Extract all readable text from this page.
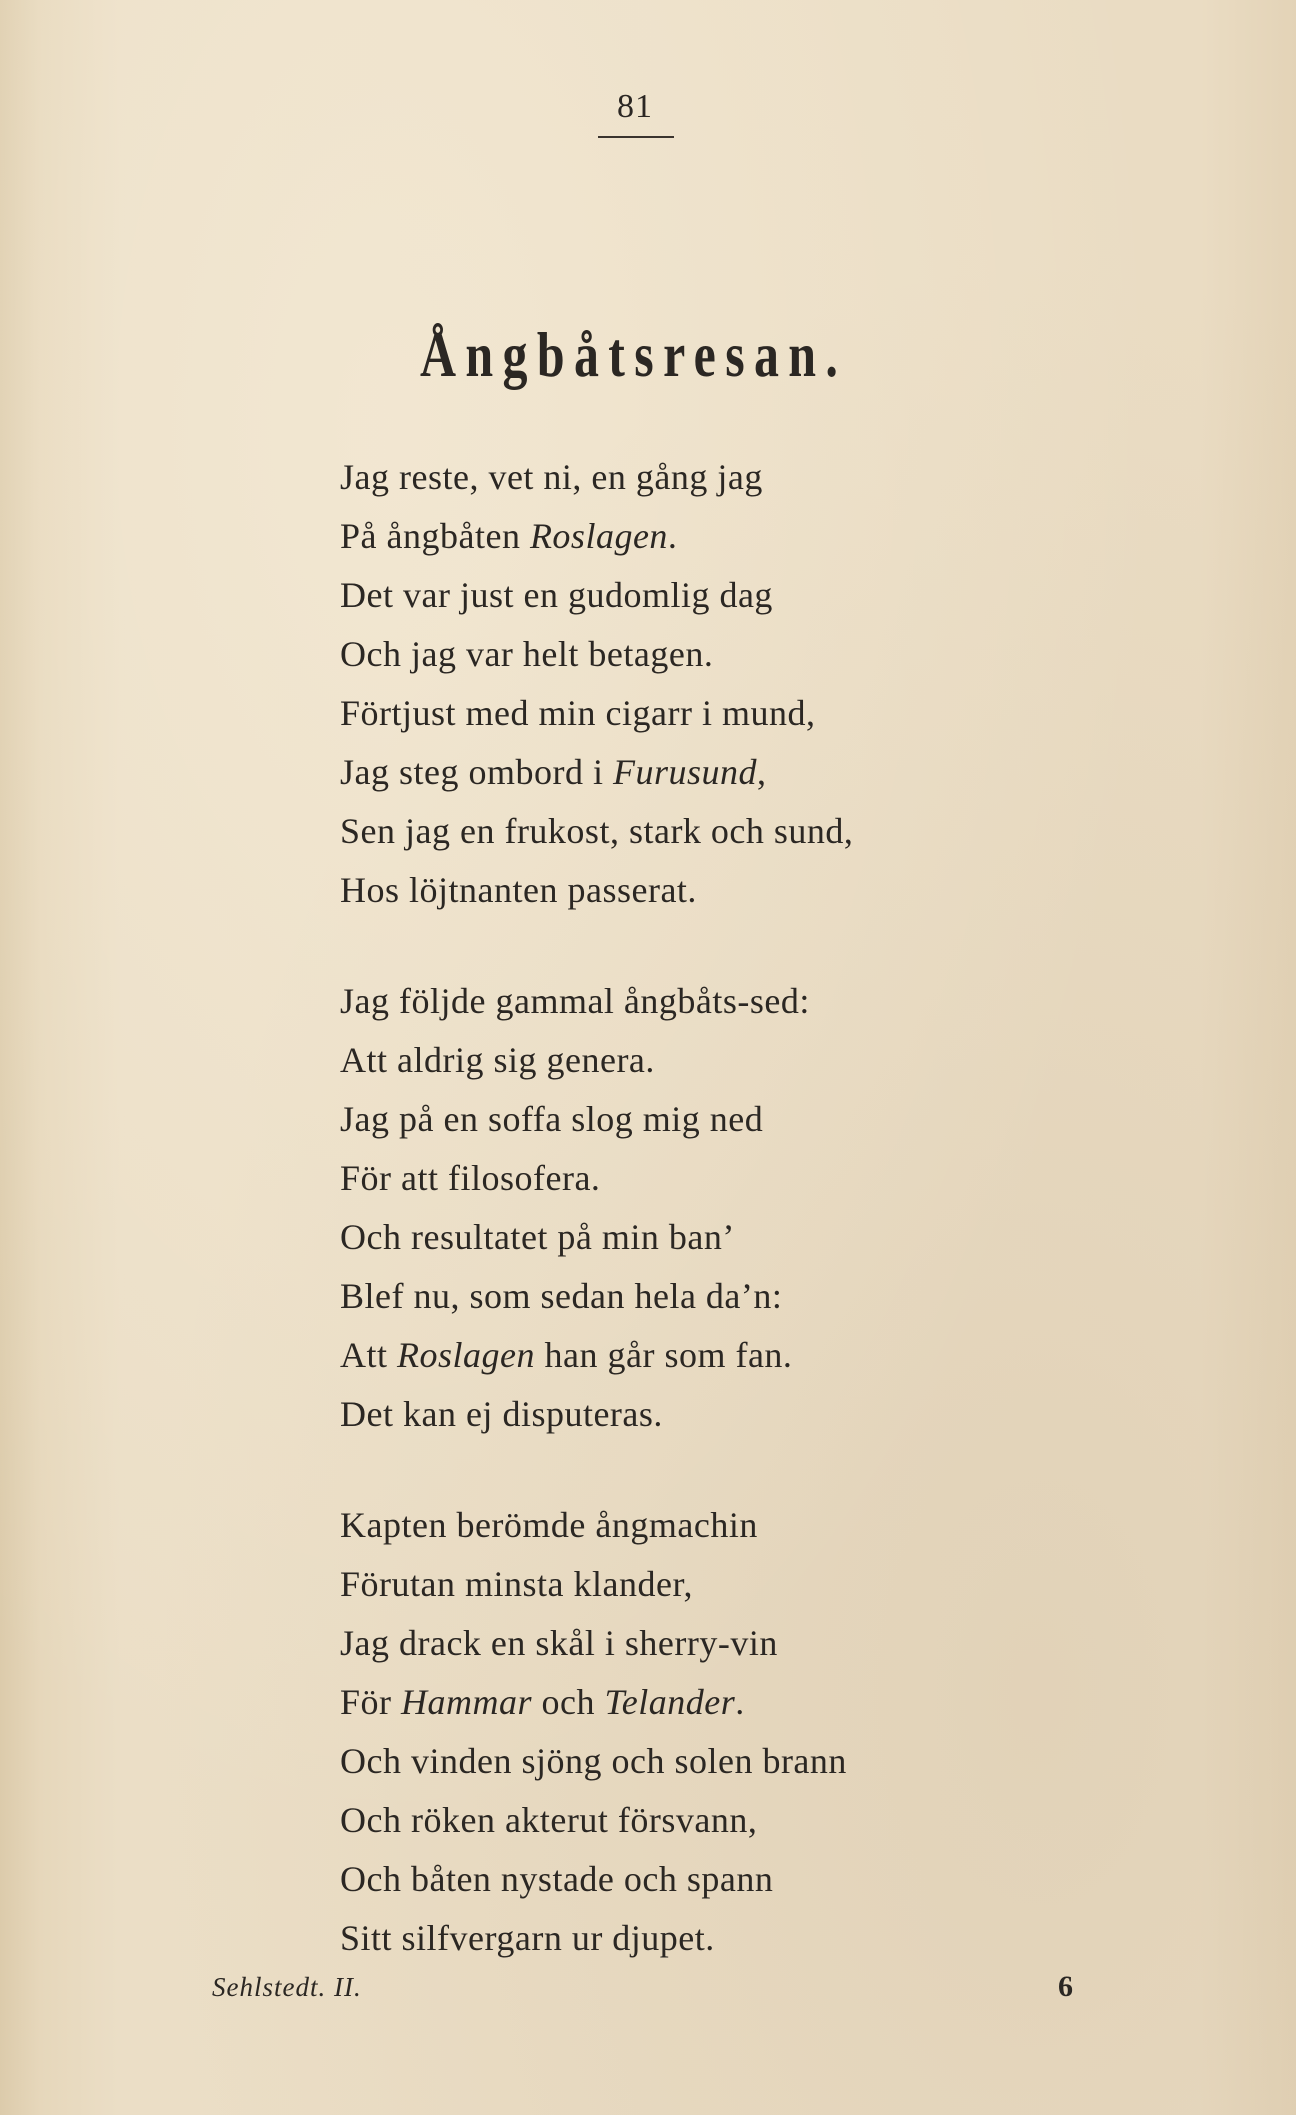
81
Ångbåtsresan.
Jag reste, vet ni, en gång jag
På ångbåten Roslagen.
Det var just en gudomlig dag
Och jag var helt betagen.
Förtjust med min cigarr i mund,
Jag steg ombord i Furusund,
Sen jag en frukost, stark och sund,
Hos löjtnanten passerat.
Jag följde gammal ångbåts-sed:
Att aldrig sig genera.
Jag på en soffa slog mig ned
För att filosofera.
Och resultatet på min ban’
Blef nu, som sedan hela da’n:
Att Roslagen han går som fan.
Det kan ej disputeras.
Kapten berömde ångmachin
Förutan minsta klander,
Jag drack en skål i sherry-vin
För Hammar och Telander.
Och vinden sjöng och solen brann
Och röken akterut försvann,
Och båten nystade och spann
Sitt silfvergarn ur djupet.
Sehlstedt. II.	6
